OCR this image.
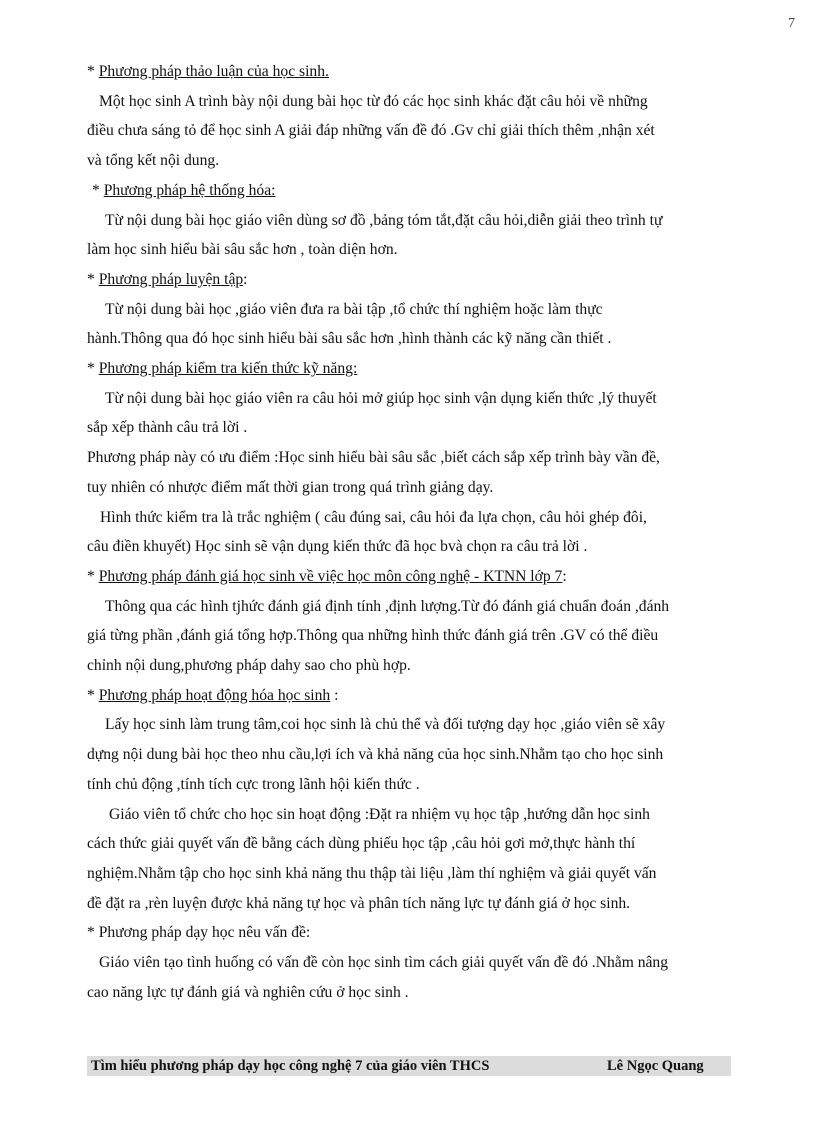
7

* Phương pháp thảo luận của học sinh.

Một học sinh A trình bày nội dung bài học từ đó các học sinh khác đặt câu hỏi về những

điều chưa sáng tỏ để học sinh A giải đáp những vấn đề đó .Gv chỉ giải thích thêm ,nhận xét

và tổng kết nội dung.

* Phương pháp hệ thống hóa:

Từ nội dung bài học giáo viên dùng sơ đồ ,bảng tóm tắt,đặt câu hỏi,diễn giải theo trình tự

làm học sinh hiểu bài sâu sắc hơn , toàn diện hơn.

* Phương pháp luyện tập:

Từ nội dung bài học ,giáo viên đưa ra bài tập ,tổ chức thí nghiệm hoặc làm thực

hành.Thông qua đó học sinh hiểu bài sâu sắc hơn ,hình thành các kỹ năng cần thiết .

* Phương pháp kiểm tra kiến thức kỹ năng:

Từ nội dung bài học giáo viên ra câu hỏi mở giúp học sinh vận dụng kiến thức ,lý thuyết

sắp xếp thành câu trả lời .

Phương pháp này có ưu điểm :Học sinh hiểu bài sâu sắc ,biết cách sắp xếp trình bày vần đề,

tuy nhiên có nhược điểm mất thời gian trong quá trình giảng dạy.

Hình thức kiểm tra là trắc nghiệm ( câu đúng sai, câu hỏi đa lựa chọn, câu hỏi ghép đôi,

câu điền khuyết) Học sinh sẽ vận dụng kiến thức đã học bvà chọn ra câu trả lời .

* Phương pháp đánh giá học sinh về việc học môn công nghệ - KTNN lớp 7:

Thông qua các hình tjhức đánh giá định tính ,định lượng.Từ đó đánh giá chuẩn đoán ,đánh

giá từng phần ,đánh giá tổng hợp.Thông qua những hình thức đánh giá trên .GV có thể điều

chỉnh nội dung,phương pháp dahy sao cho phù hợp.

* Phương pháp hoạt động hóa học sinh :

Lấy học sinh làm trung tâm,coi học sinh là chủ thể và đối tượng dạy học ,giáo viên sẽ xây

dựng nội dung bài học theo nhu cầu,lợi ích và khả năng của học sinh.Nhằm tạo cho học sinh

tính chủ động ,tính tích cực trong lãnh hội kiến thức .

Giáo viên tổ chức cho học sin hoạt động :Đặt ra nhiệm vụ học tập ,hướng dẫn học sinh

cách thức giải quyết vấn đề bằng cách dùng phiếu học tập ,câu hỏi gơi mở,thực hành thí

nghiệm.Nhằm tập cho học sinh khả năng thu thập tài liệu ,làm thí nghiệm và giải quyết vấn

đề đặt ra ,rèn luyện được khả năng tự học và phân tích năng lực tự đánh giá ở học sinh.

* Phương pháp dạy học nêu vấn đề:

Giáo viên tạo tình huống có vấn đề còn học sinh tìm cách giải quyết vấn đề đó .Nhằm nâng

cao năng lực tự đánh giá và nghiên cứu ở học sinh .

Tìm hiểu phương pháp dạy học công nghệ 7 của giáo viên THCS	Lê Ngọc Quang
